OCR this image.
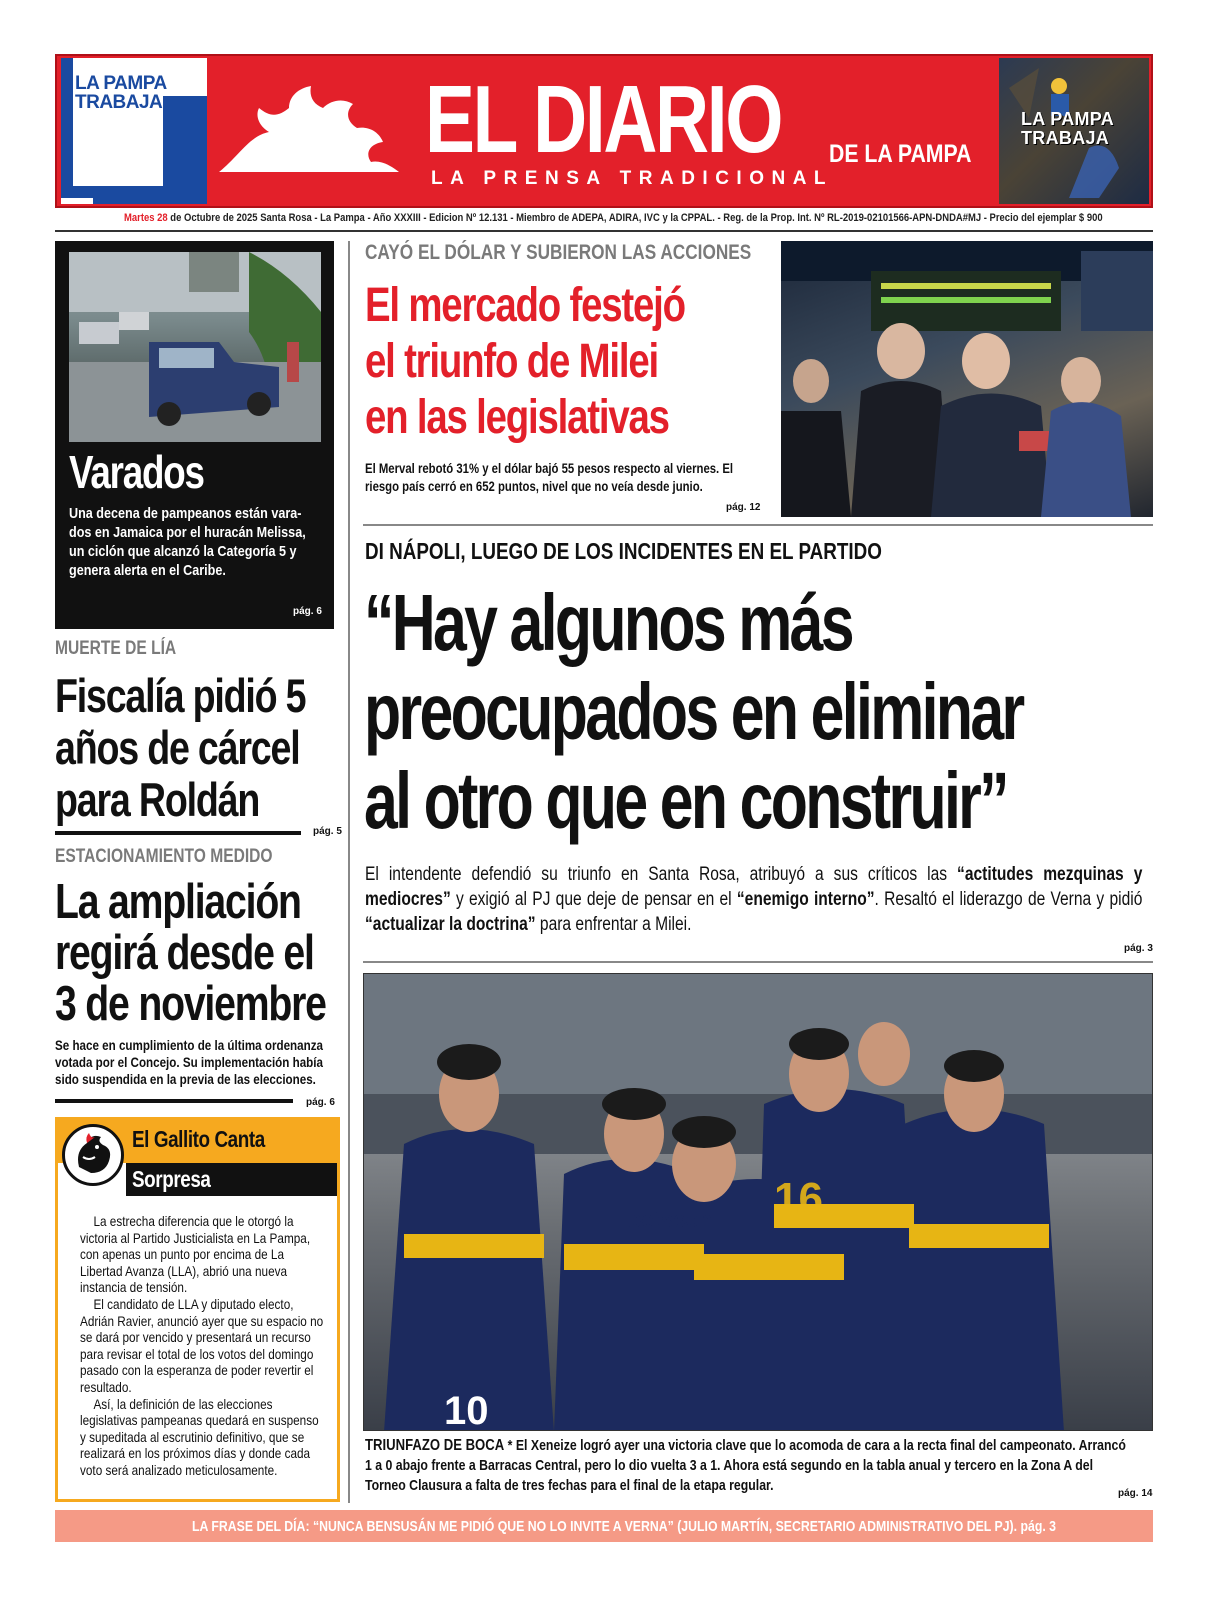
LA PAMPA
TRABAJA	EL DIARIO DE LA PAMPA
LA PRENSA TRADICIONAL
LA PAMPA
TRABAJA
Martes 28 de Octubre de 2025 Santa Rosa - La Pampa - Año XXXIII - Edicion Nº 12.131 - Miembro de ADEPA, ADIRA, IVC y la CPPAL. - Reg. de la Prop. Int. Nº RL-2019-02101566-APN-DNDA#MJ - Precio del ejemplar $ 900
Varados
Una decena de pampeanos están vara-dos en Jamaica por el huracán Melissa, un ciclón que alcanzó la Categoría 5 y genera alerta en el Caribe.
pág. 6
MUERTE DE LÍA
Fiscalía pidió 5
años de cárcel
para Roldán
pág. 5
ESTACIONAMIENTO MEDIDO
La ampliación
regirá desde el
3 de noviembre
Se hace en cumplimiento de la última ordenanza votada por el Concejo. Su implementación había sido suspendida en la previa de las elecciones.
pág. 6
El Gallito Canta
Sorpresa

La estrecha diferencia que le otorgó la victoria al Partido Justicialista en La Pampa, con apenas un punto por encima de La Libertad Avanza (LLA), abrió una nueva instancia de tensión.

El candidato de LLA y diputado electo, Adrián Ravier, anunció ayer que su espacio no se dará por vencido y presentará un recurso para revisar el total de los votos del domingo pasado con la esperanza de poder revertir el resultado.

Así, la definición de las elecciones legislativas pampeanas quedará en suspenso y supeditada al escrutinio definitivo, que se realizará en los próximos días y donde cada voto será analizado meticulosamente.

CAYÓ EL DÓLAR Y SUBIERON LAS ACCIONES
El mercado festejó
el triunfo de Milei
en las legislativas
El Merval rebotó 31% y el dólar bajó 55 pesos respecto al viernes. El riesgo país cerró en 652 puntos, nivel que no veía desde junio.
pág. 12
DI NÁPOLI, LUEGO DE LOS INCIDENTES EN EL PARTIDO
“Hay algunos más
preocupados en eliminar
al otro que en construir”
El intendente defendió su triunfo en Santa Rosa, atribuyó a sus críticos las “actitudes mezquinas y mediocres” y exigió al PJ que deje de pensar en el “enemigo interno”. Resaltó el liderazgo de Verna y pidió “actualizar la doctrina” para enfrentar a Milei.
pág. 3
10
betsson 16
TRIUNFAZO DE BOCA * El Xeneize logró ayer una victoria clave que lo acomoda de cara a la recta final del campeonato. Arrancó 1 a 0 abajo frente a Barracas Central, pero lo dio vuelta 3 a 1. Ahora está segundo en la tabla anual y tercero en la Zona A del Torneo Clausura a falta de tres fechas para el final de la etapa regular.	pág. 14
LA FRASE DEL DÍA: “NUNCA BENSUSÁN ME PIDIÓ QUE NO LO INVITE A VERNA” (JULIO MARTÍN, SECRETARIO ADMINISTRATIVO DEL PJ). pág. 3
